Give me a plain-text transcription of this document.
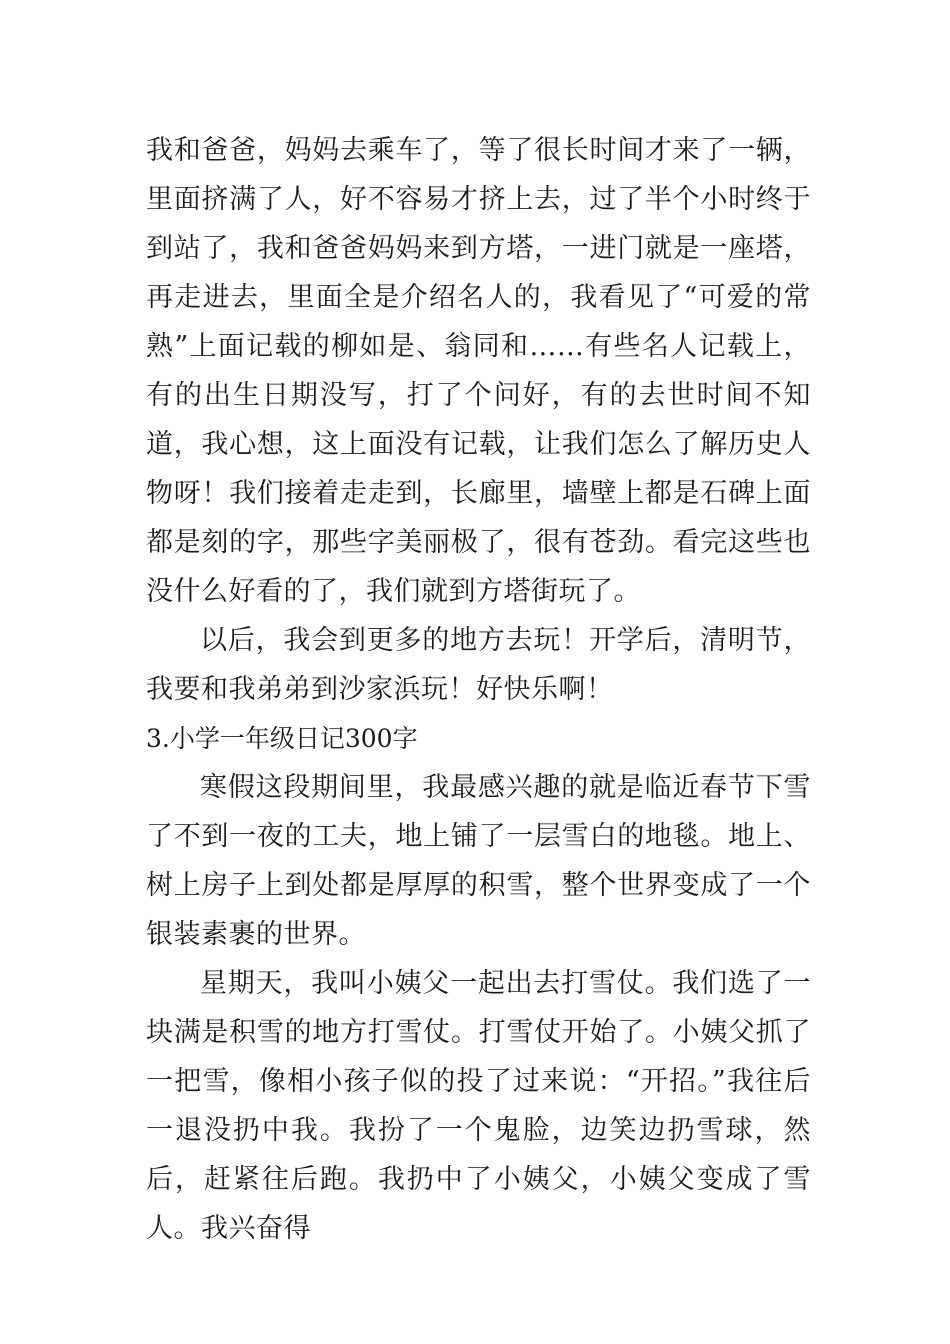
我和爸爸，妈妈去乘车了，等了很长时间才来了一辆，里面挤满了人，好不容易才挤上去，过了半个小时终于到站了，我和爸爸妈妈来到方塔，一进门就是一座塔，再走进去，里面全是介绍名人的，我看见了“可爱的常熟”上面记载的柳如是、翁同和……有些名人记载上，有的出生日期没写，打了个问好，有的去世时间不知道，我心想，这上面没有记载，让我们怎么了解历史人物呀！我们接着走走到，长廊里，墙壁上都是石碑上面都是刻的字，那些字美丽极了，很有苍劲。看完这些也没什么好看的了，我们就到方塔街玩了。

以后，我会到更多的地方去玩！开学后，清明节，我要和我弟弟到沙家浜玩！好快乐啊！

3.小学一年级日记300字

寒假这段期间里，我最感兴趣的就是临近春节下雪了不到一夜的工夫，地上铺了一层雪白的地毯。地上、树上房子上到处都是厚厚的积雪，整个世界变成了一个银装素裹的世界。

星期天，我叫小姨父一起出去打雪仗。我们选了一块满是积雪的地方打雪仗。打雪仗开始了。小姨父抓了一把雪，像相小孩子似的投了过来说：“开招。”我往后一退没扔中我。我扮了一个鬼脸，边笑边扔雪球，然后，赶紧往后跑。我扔中了小姨父，小姨父变成了雪人。我兴奋得
